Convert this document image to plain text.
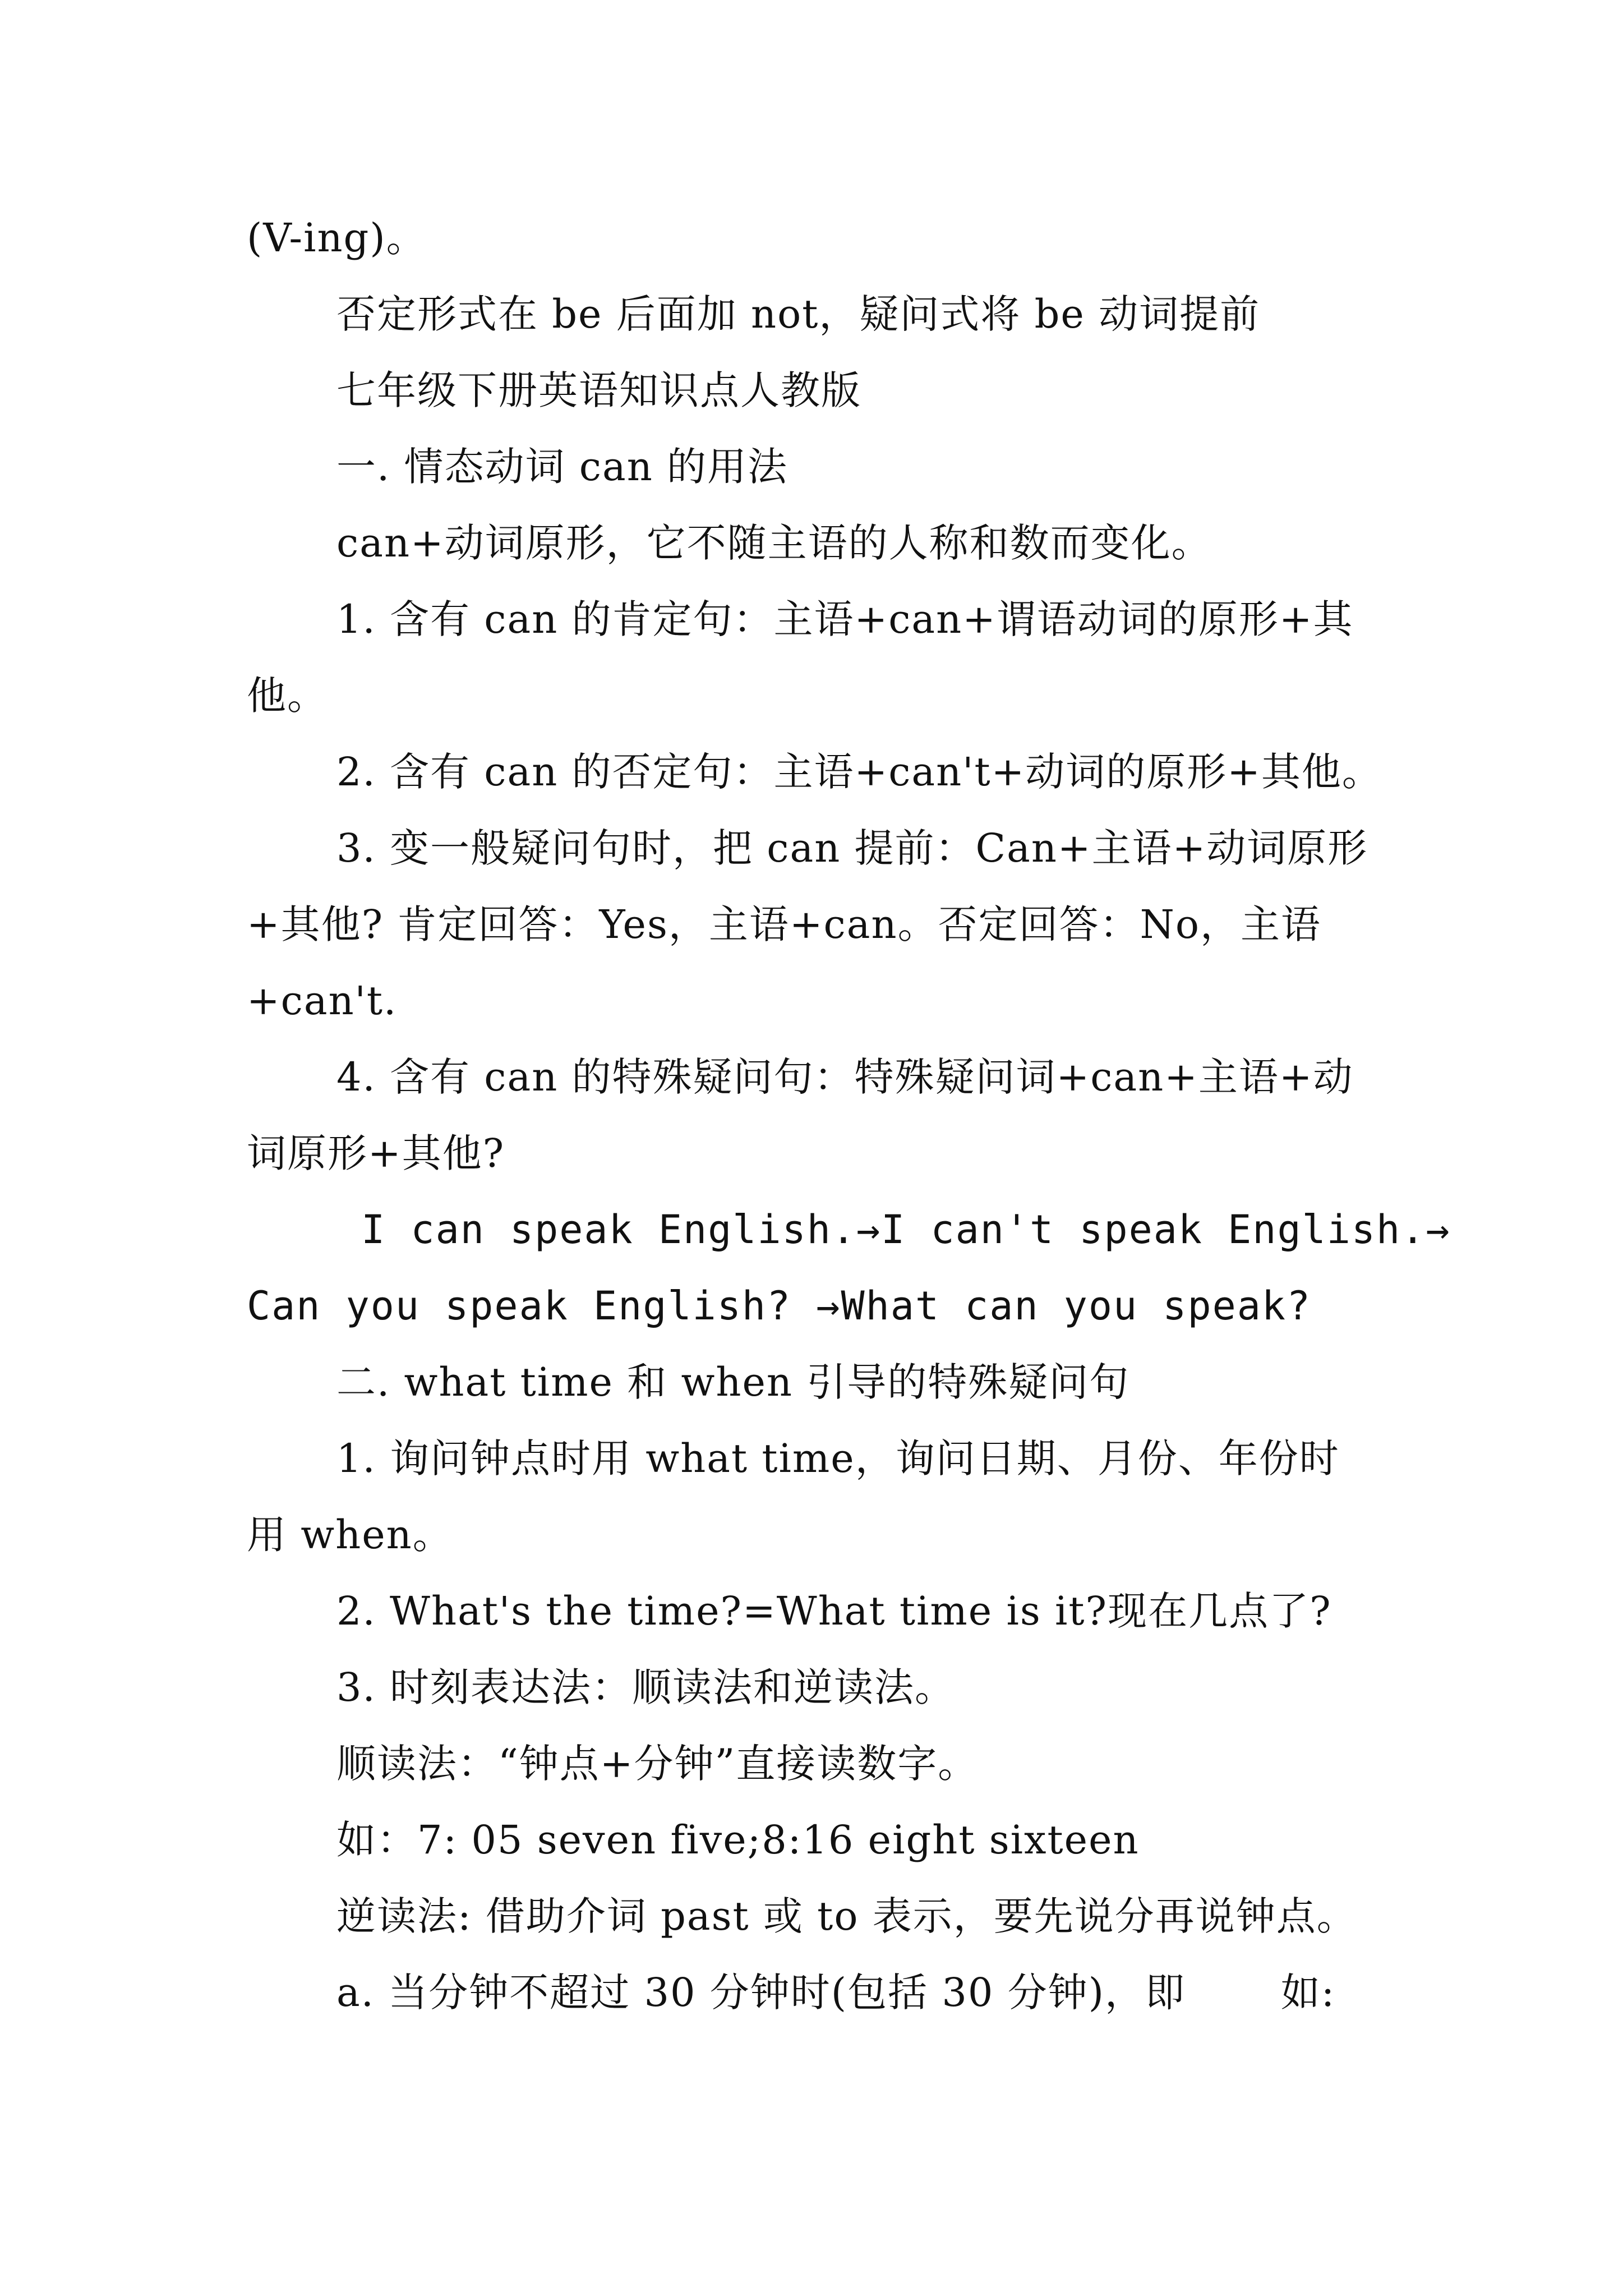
(V-ing)。
否定形式在 be 后面加 not，疑问式将 be 动词提前
七年级下册英语知识点人教版
一. 情态动词 can 的用法
can+动词原形，它不随主语的人称和数而变化。
1. 含有 can 的肯定句：主语+can+谓语动词的原形+其
他。
2. 含有 can 的否定句：主语+can't+动词的原形+其他。
3. 变一般疑问句时，把 can 提前：Can+主语+动词原形
+其他? 肯定回答：Yes，主语+can。否定回答：No，主语
+can't.
4. 含有 can 的特殊疑问句：特殊疑问词+can+主语+动
词原形+其他?
I can speak English.→I can't speak English.→
Can you speak English? →What can you speak?
二. what time 和 when 引导的特殊疑问句
1. 询问钟点时用 what time，询问日期、月份、年份时
用 when。
2. What's the time?=What time is it?现在几点了?
3. 时刻表达法：顺读法和逆读法。
顺读法：“钟点+分钟”直接读数字。
如：7: 05 seven five;8:16 eight sixteen
逆读法: 借助介词 past 或 to 表示，要先说分再说钟点。
a. 当分钟不超过 30 分钟时(包括 30 分钟)，即       如:
